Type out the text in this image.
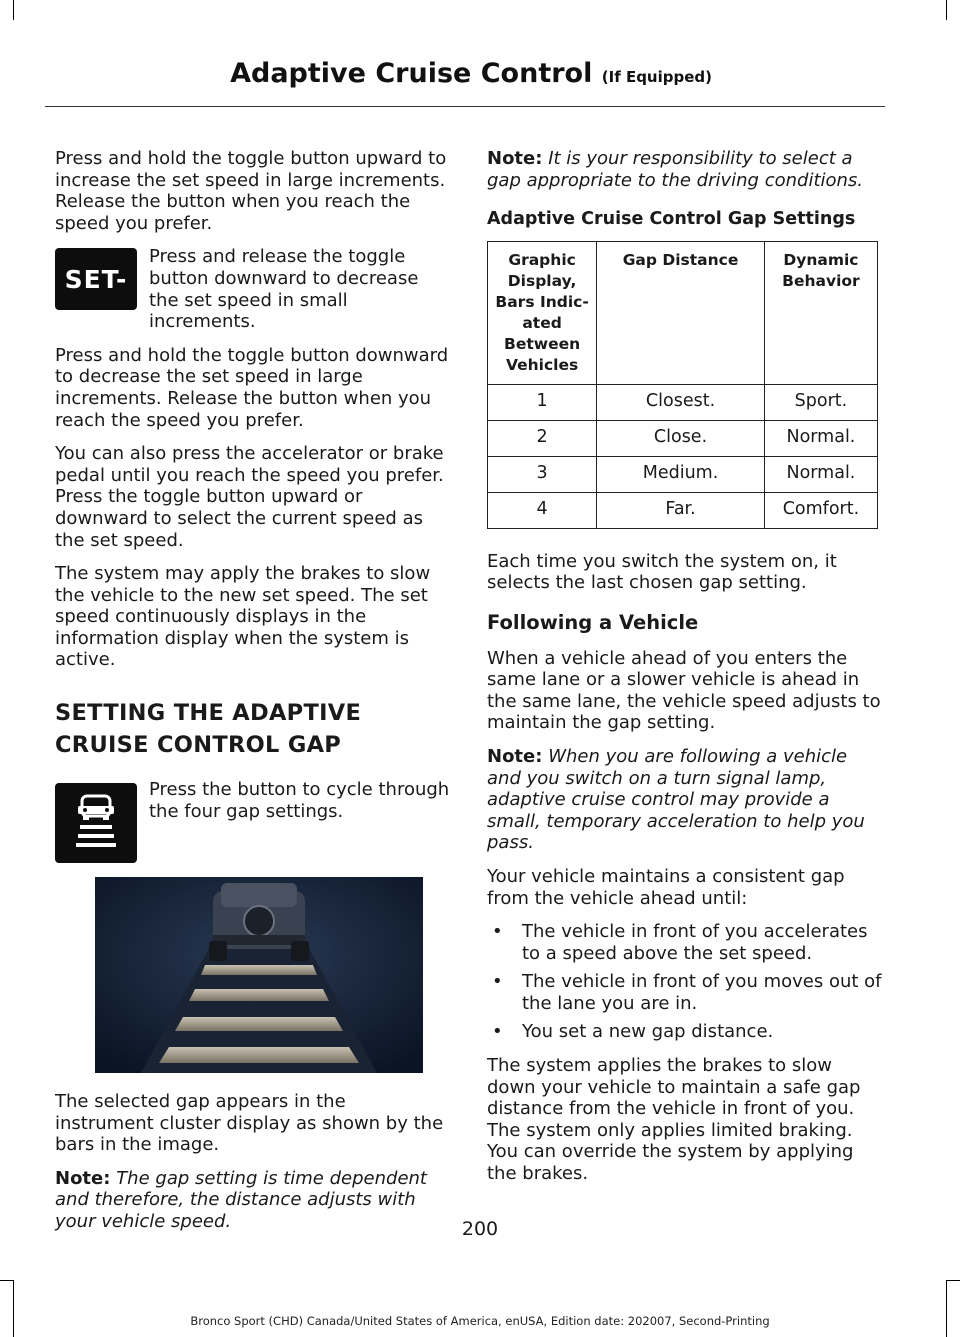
Adaptive Cruise Control (If Equipped)

Press and hold the toggle button upward to increase the set speed in large increments. Release the button when you reach the speed you prefer.

SET-
Press and release the toggle button downward to decrease the set speed in small increments.

Press and hold the toggle button downward to decrease the set speed in large increments. Release the button when you reach the speed you prefer.

You can also press the accelerator or brake pedal until you reach the speed you prefer. Press the toggle button upward or downward to select the current speed as the set speed.

The system may apply the brakes to slow the vehicle to the new set speed. The set speed continuously displays in the information display when the system is active.

SETTING THE ADAPTIVE CRUISE CONTROL GAP
Press the button to cycle through the four gap settings.

The selected gap appears in the instrument cluster display as shown by the bars in the image.

Note: The gap setting is time dependent and therefore, the distance adjusts with your vehicle speed.

Note: It is your responsibility to select a gap appropriate to the driving conditions.

Adaptive Cruise Control Gap Settings
Graphic Display, Bars Indic-ated Between Vehicles	Gap Distance	Dynamic Behavior
1	Closest.	Sport.
2	Close.	Normal.
3	Medium.	Normal.
4	Far.	Comfort.

Each time you switch the system on, it selects the last chosen gap setting.

Following a Vehicle

When a vehicle ahead of you enters the same lane or a slower vehicle is ahead in the same lane, the vehicle speed adjusts to maintain the gap setting.

Note: When you are following a vehicle and you switch on a turn signal lamp, adaptive cruise control may provide a small, temporary acceleration to help you pass.

Your vehicle maintains a consistent gap from the vehicle ahead until:

• The vehicle in front of you accelerates to a speed above the set speed.
• The vehicle in front of you moves out of the lane you are in.
• You set a new gap distance.

The system applies the brakes to slow down your vehicle to maintain a safe gap distance from the vehicle in front of you. The system only applies limited braking. You can override the system by applying the brakes.

200
Bronco Sport (CHD) Canada/United States of America, enUSA, Edition date: 202007, Second-Printing
